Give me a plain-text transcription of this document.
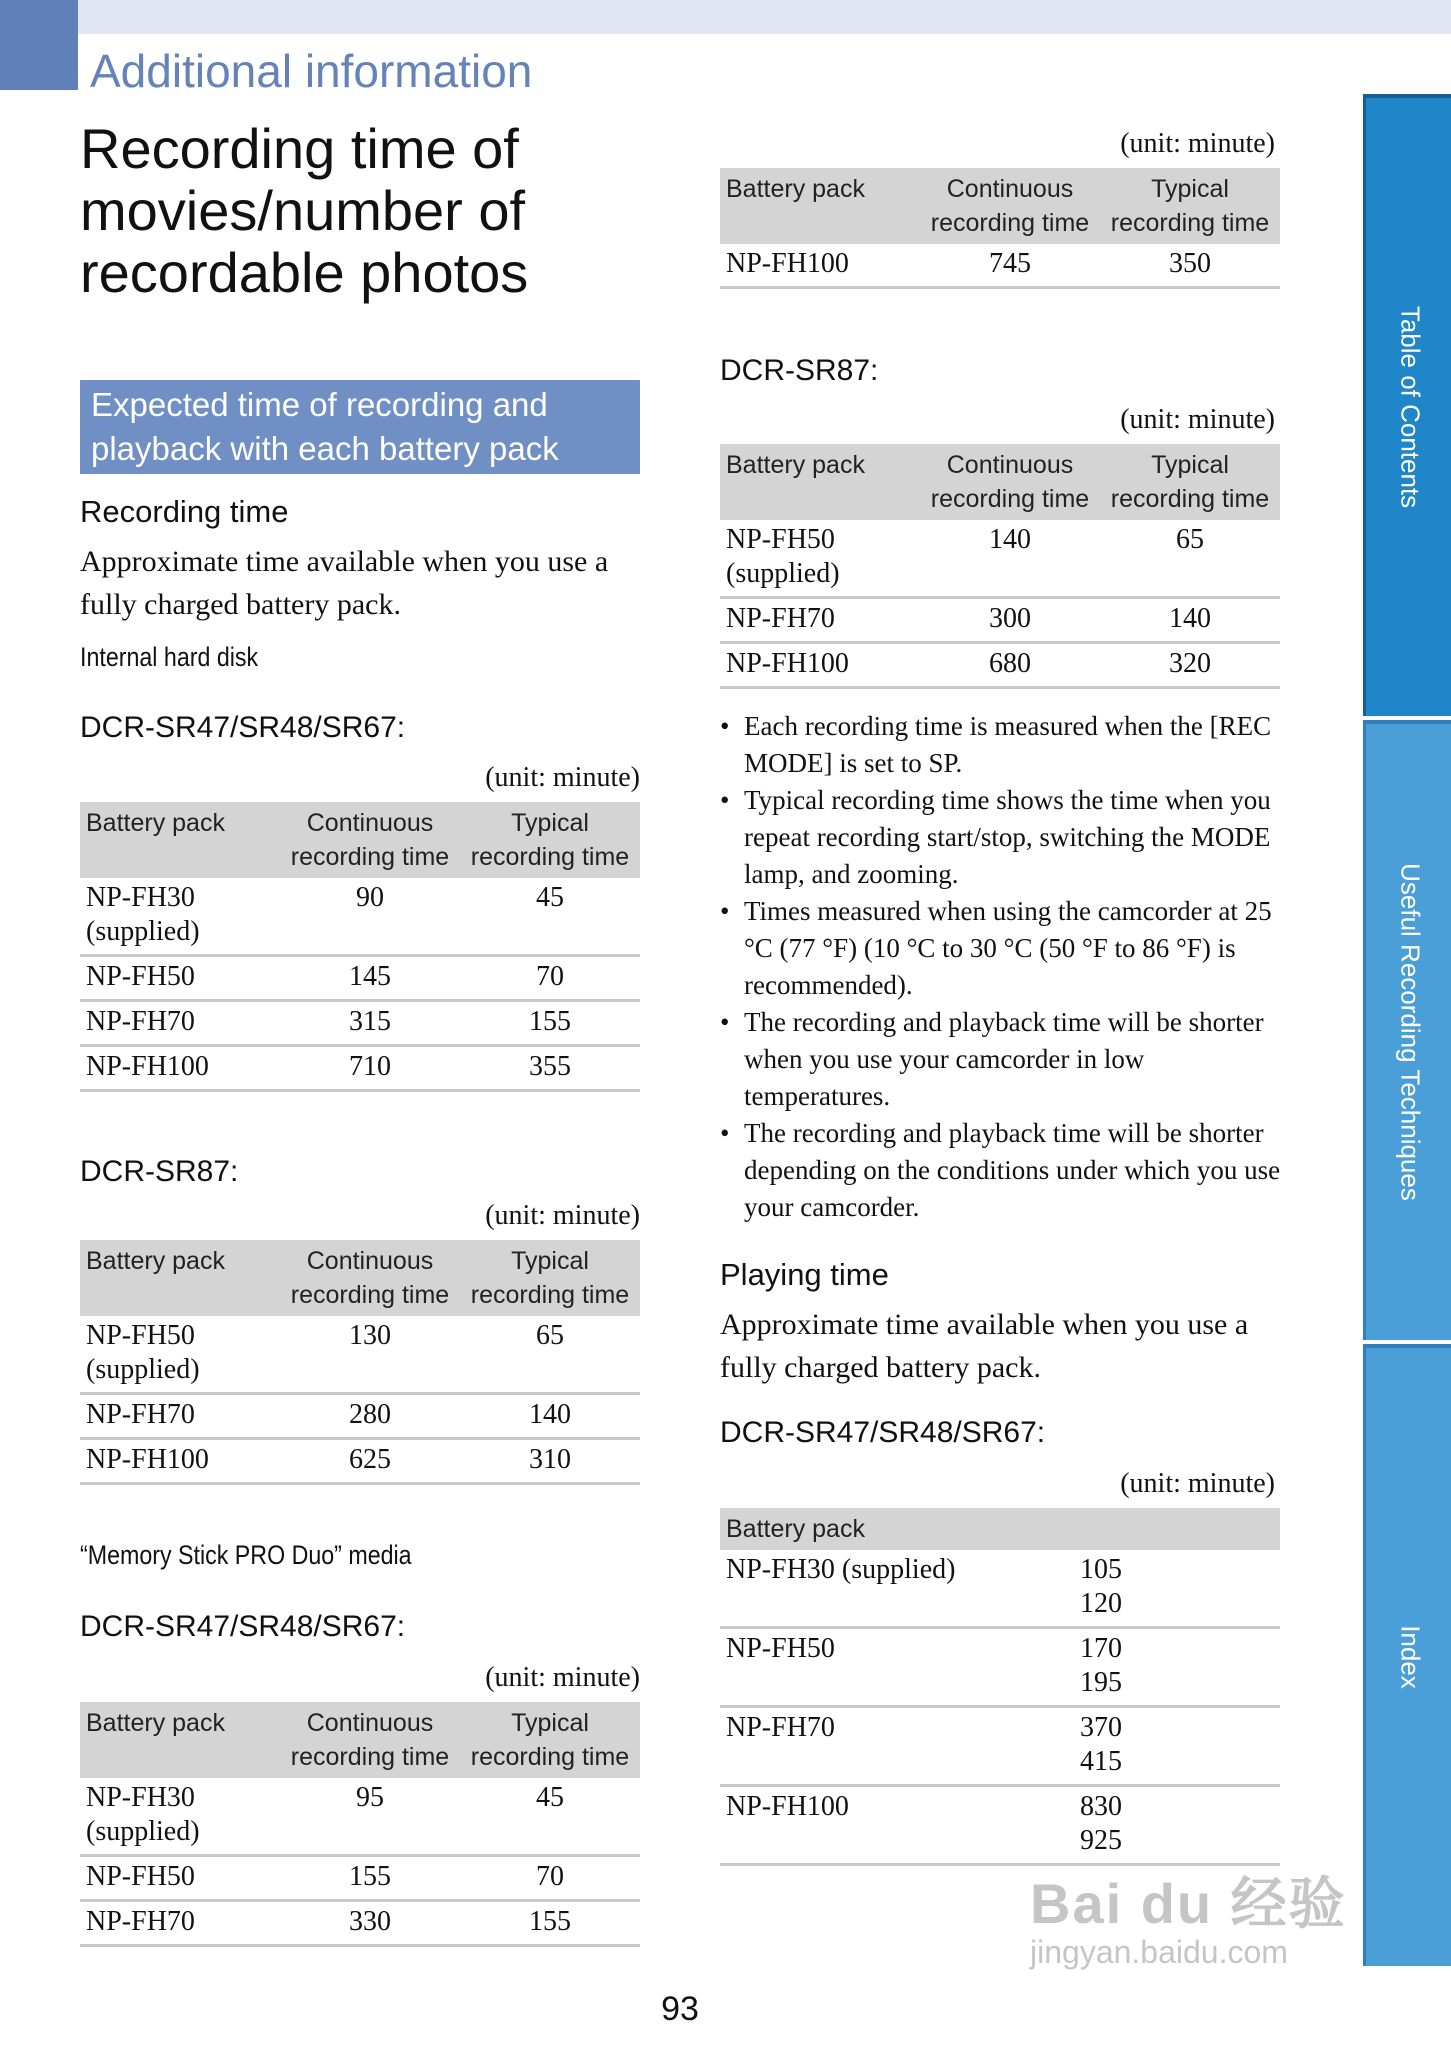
Additional information
Recording time of movies/number of recordable photos
Expected time of recording and playback with each battery pack
Recording time
Approximate time available when you use a fully charged battery pack.
Internal hard disk
DCR-SR47/SR48/SR67:
(unit: minute)
Battery pack	Continuous recording time	Typical recording time
NP-FH30 (supplied)	90	45
NP-FH50	145	70
NP-FH70	315	155
NP-FH100	710	355
DCR-SR87:
(unit: minute)
Battery pack	Continuous recording time	Typical recording time
NP-FH50 (supplied)	130	65
NP-FH70	280	140
NP-FH100	625	310
“Memory Stick PRO Duo” media
DCR-SR47/SR48/SR67:
(unit: minute)
Battery pack	Continuous recording time	Typical recording time
NP-FH30 (supplied)	95	45
NP-FH50	155	70
NP-FH70	330	155
(unit: minute)
Battery pack	Continuous recording time	Typical recording time
NP-FH100	745	350
DCR-SR87:
(unit: minute)
Battery pack	Continuous recording time	Typical recording time
NP-FH50 (supplied)	140	65
NP-FH70	300	140
NP-FH100	680	320
• Each recording time is measured when the [REC MODE] is set to SP.
• Typical recording time shows the time when you repeat recording start/stop, switching the MODE lamp, and zooming.
• Times measured when using the camcorder at 25 °C (77 °F) (10 °C to 30 °C (50 °F to 86 °F) is recommended).
• The recording and playback time will be shorter when you use your camcorder in low temperatures.
• The recording and playback time will be shorter depending on the conditions under which you use your camcorder.
Playing time
Approximate time available when you use a fully charged battery pack.
DCR-SR47/SR48/SR67:
(unit: minute)
Battery pack	
NP-FH30 (supplied)	105
120

NP-FH50	170
195

NP-FH70	370
415

NP-FH100	830
925
93
Table of Contents
Useful Recording Techniques
Index
Bai du 经验
jingyan.baidu.com
